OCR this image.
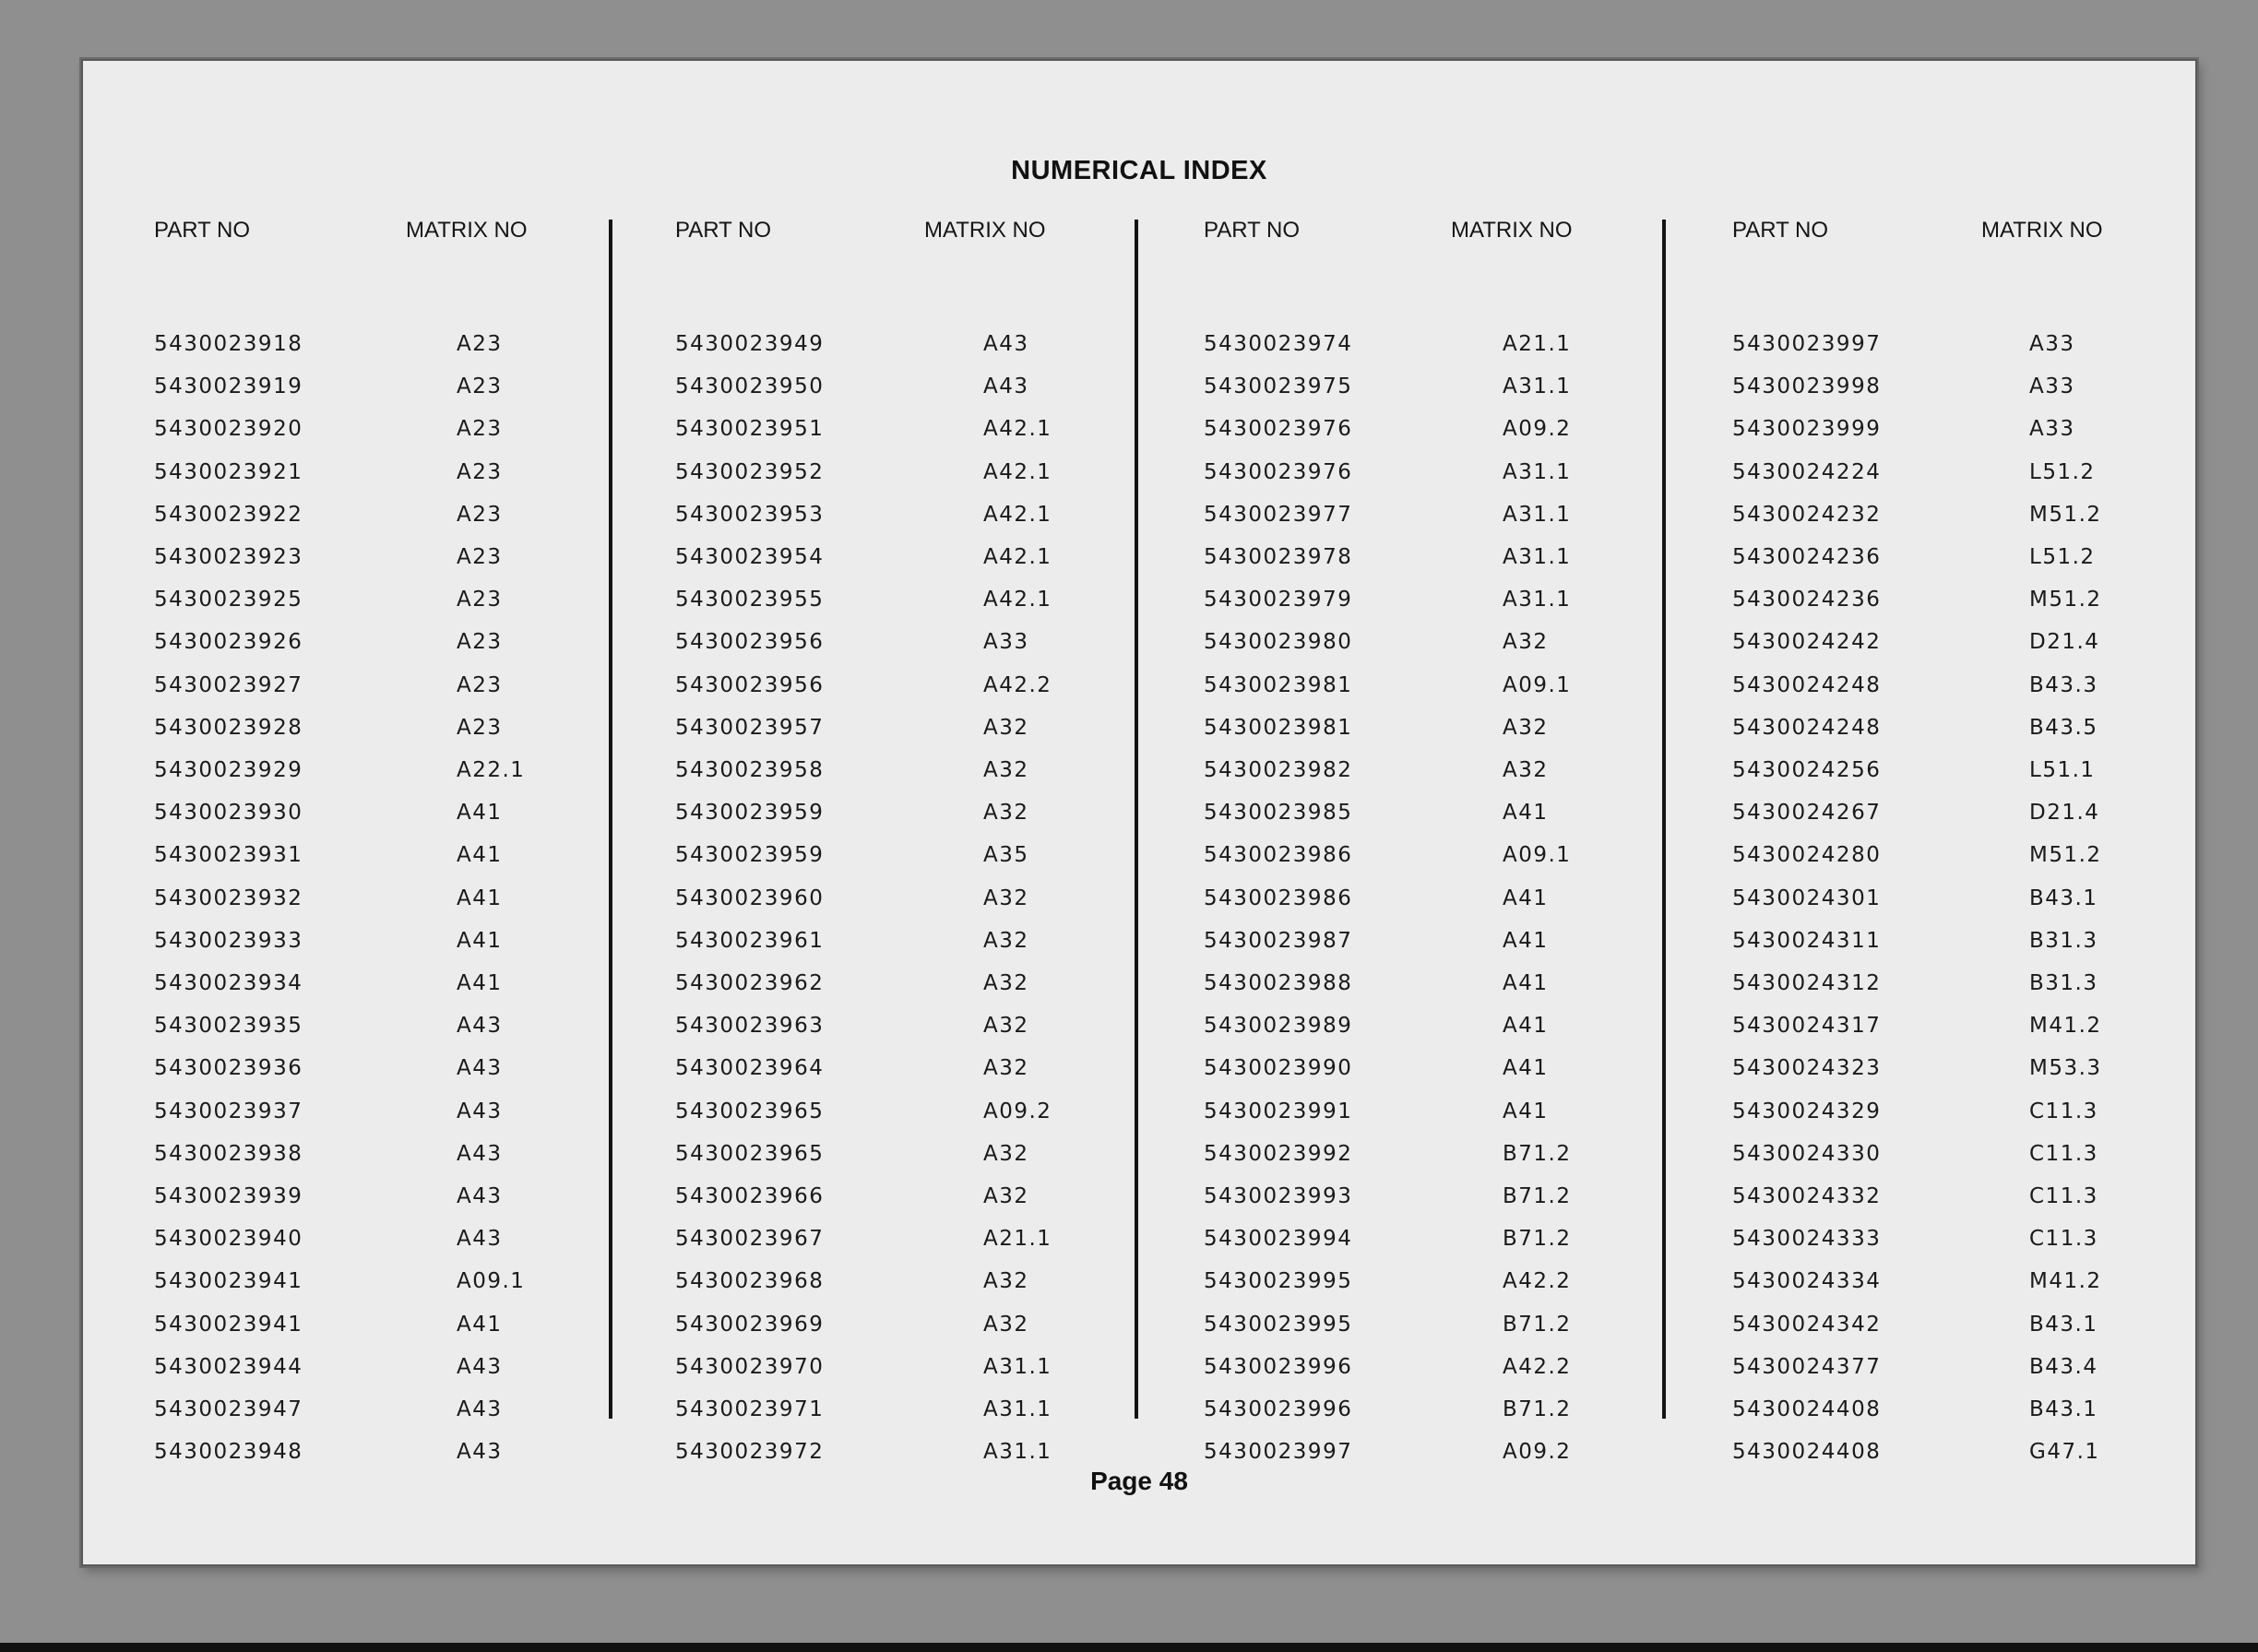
NUMERICAL INDEX
PART NO	MATRIX NO
5430023918	A23
5430023919	A23
5430023920	A23
5430023921	A23
5430023922	A23
5430023923	A23
5430023925	A23
5430023926	A23
5430023927	A23
5430023928	A23
5430023929	A22.1
5430023930	A41
5430023931	A41
5430023932	A41
5430023933	A41
5430023934	A41
5430023935	A43
5430023936	A43
5430023937	A43
5430023938	A43
5430023939	A43
5430023940	A43
5430023941	A09.1
5430023941	A41
5430023944	A43
5430023947	A43
5430023948	A43
PART NO	MATRIX NO
5430023949	A43
5430023950	A43
5430023951	A42.1
5430023952	A42.1
5430023953	A42.1
5430023954	A42.1
5430023955	A42.1
5430023956	A33
5430023956	A42.2
5430023957	A32
5430023958	A32
5430023959	A32
5430023959	A35
5430023960	A32
5430023961	A32
5430023962	A32
5430023963	A32
5430023964	A32
5430023965	A09.2
5430023965	A32
5430023966	A32
5430023967	A21.1
5430023968	A32
5430023969	A32
5430023970	A31.1
5430023971	A31.1
5430023972	A31.1
PART NO	MATRIX NO
5430023974	A21.1
5430023975	A31.1
5430023976	A09.2
5430023976	A31.1
5430023977	A31.1
5430023978	A31.1
5430023979	A31.1
5430023980	A32
5430023981	A09.1
5430023981	A32
5430023982	A32
5430023985	A41
5430023986	A09.1
5430023986	A41
5430023987	A41
5430023988	A41
5430023989	A41
5430023990	A41
5430023991	A41
5430023992	B71.2
5430023993	B71.2
5430023994	B71.2
5430023995	A42.2
5430023995	B71.2
5430023996	A42.2
5430023996	B71.2
5430023997	A09.2
PART NO	MATRIX NO
5430023997	A33
5430023998	A33
5430023999	A33
5430024224	L51.2
5430024232	M51.2
5430024236	L51.2
5430024236	M51.2
5430024242	D21.4
5430024248	B43.3
5430024248	B43.5
5430024256	L51.1
5430024267	D21.4
5430024280	M51.2
5430024301	B43.1
5430024311	B31.3
5430024312	B31.3
5430024317	M41.2
5430024323	M53.3
5430024329	C11.3
5430024330	C11.3
5430024332	C11.3
5430024333	C11.3
5430024334	M41.2
5430024342	B43.1
5430024377	B43.4
5430024408	B43.1
5430024408	G47.1
Page 48
